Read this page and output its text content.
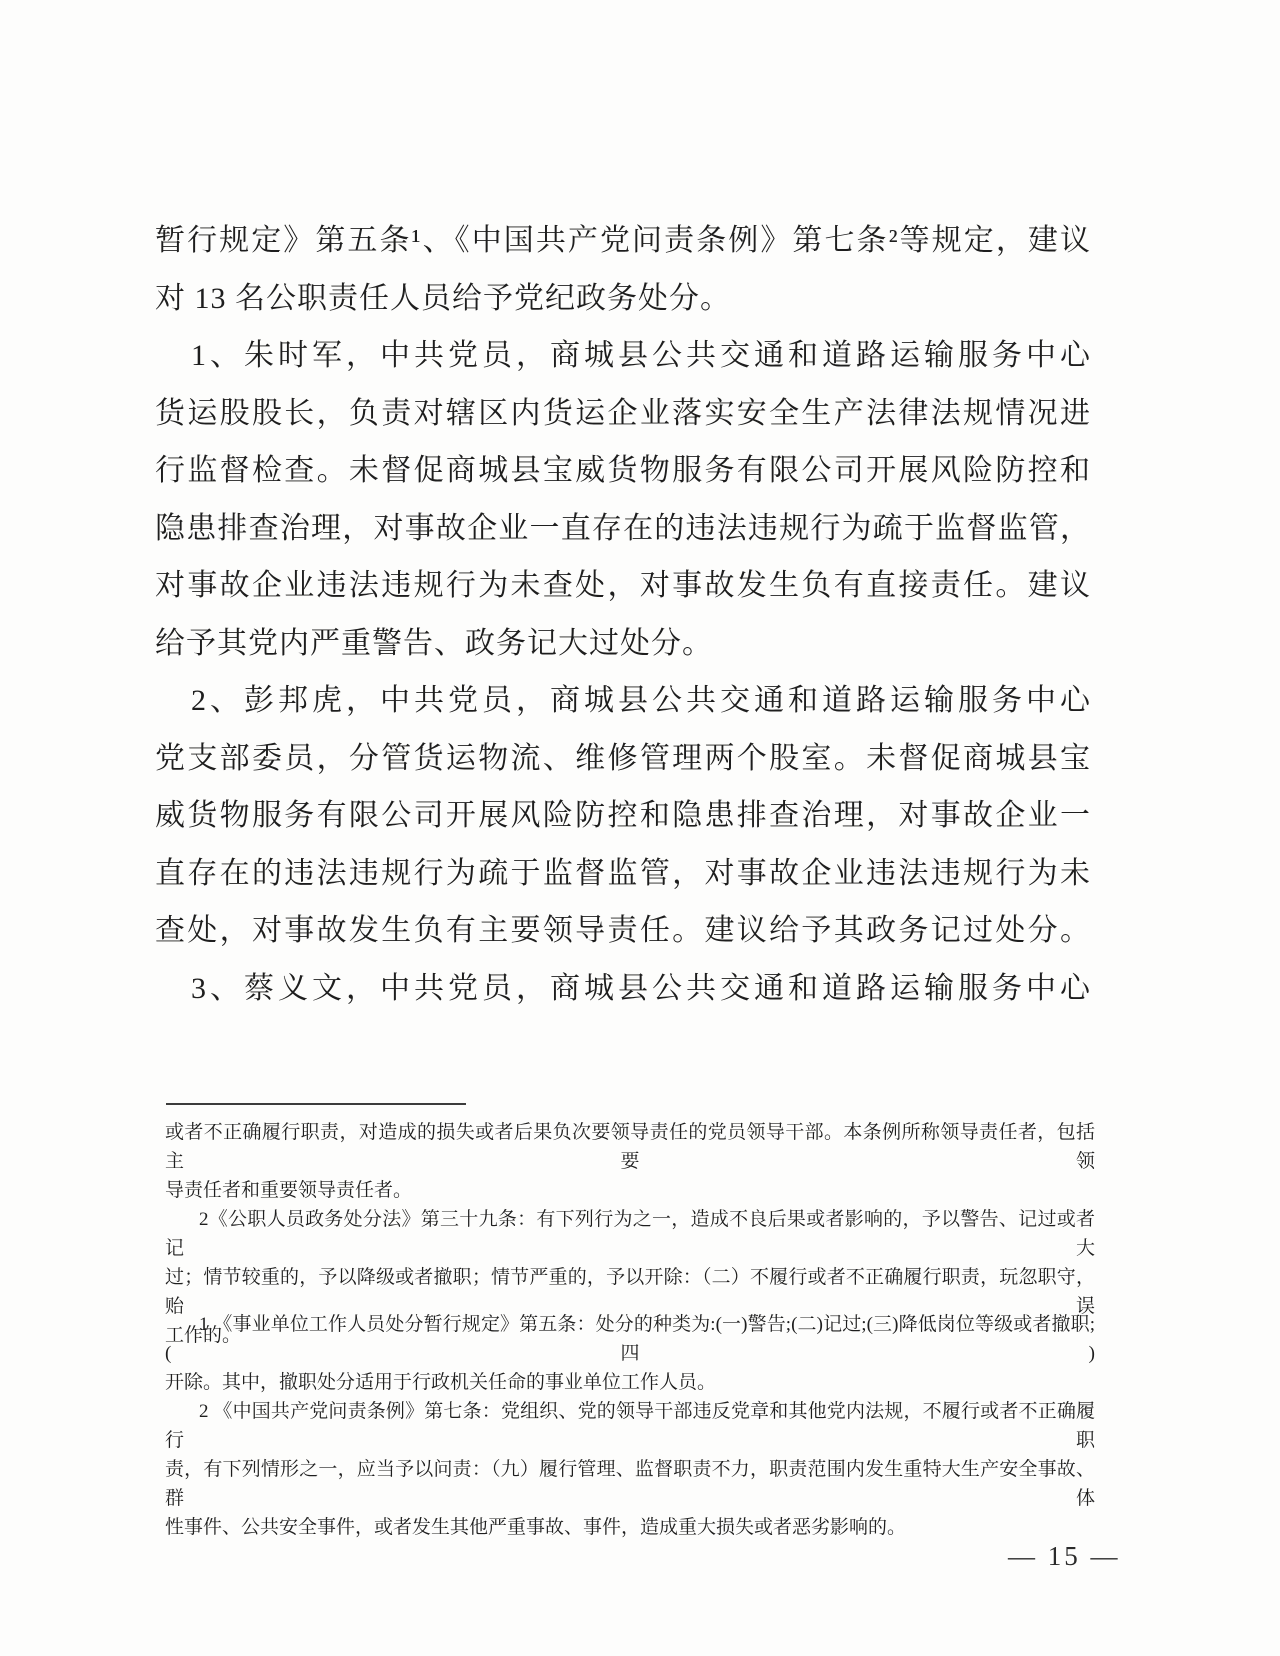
暂行规定》第五条¹、《中国共产党问责条例》第七条²等规定，建议
对 13 名公职责任人员给予党纪政务处分。
1、朱时军，中共党员，商城县公共交通和道路运输服务中心
货运股股长，负责对辖区内货运企业落实安全生产法律法规情况进
行监督检查。未督促商城县宝威货物服务有限公司开展风险防控和
隐患排查治理，对事故企业一直存在的违法违规行为疏于监督监管，
对事故企业违法违规行为未查处，对事故发生负有直接责任。建议
给予其党内严重警告、政务记大过处分。
2、彭邦虎，中共党员，商城县公共交通和道路运输服务中心
党支部委员，分管货运物流、维修管理两个股室。未督促商城县宝
威货物服务有限公司开展风险防控和隐患排查治理，对事故企业一
直存在的违法违规行为疏于监督监管，对事故企业违法违规行为未
查处，对事故发生负有主要领导责任。建议给予其政务记过处分。
3、蔡义文，中共党员，商城县公共交通和道路运输服务中心
或者不正确履行职责，对造成的损失或者后果负次要领导责任的党员领导干部。本条例所称领导责任者，包括主要领
导责任者和重要领导责任者。
2《公职人员政务处分法》第三十九条：有下列行为之一，造成不良后果或者影响的，予以警告、记过或者记大
过；情节较重的，予以降级或者撤职；情节严重的，予以开除：（二）不履行或者不正确履行职责，玩忽职守，贻误
工作的。
1 《事业单位工作人员处分暂行规定》第五条：处分的种类为:(一)警告;(二)记过;(三)降低岗位等级或者撤职;(四)
开除。其中，撤职处分适用于行政机关任命的事业单位工作人员。
2 《中国共产党问责条例》第七条：党组织、党的领导干部违反党章和其他党内法规，不履行或者不正确履行职
责，有下列情形之一，应当予以问责：（九）履行管理、监督职责不力，职责范围内发生重特大生产安全事故、群体
性事件、公共安全事件，或者发生其他严重事故、事件，造成重大损失或者恶劣影响的。
— 15 —
